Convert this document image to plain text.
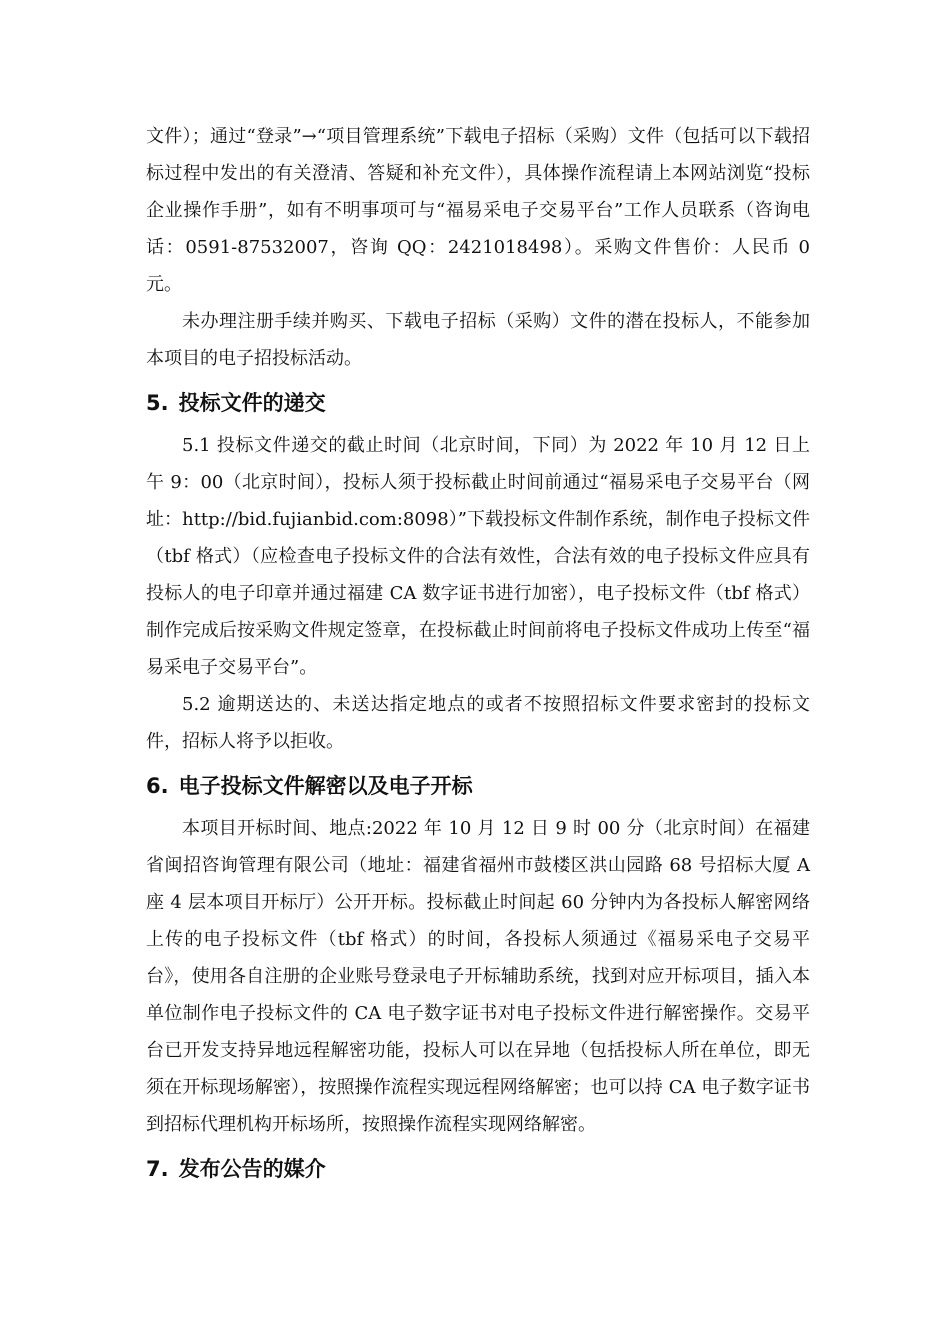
文件）；通过“登录”→“项目管理系统”下载电子招标（采购）文件（包括可以下载招标过程中发出的有关澄清、答疑和补充文件），具体操作流程请上本网站浏览“投标企业操作手册”，如有不明事项可与“福易采电子交易平台”工作人员联系（咨询电话：0591-87532007，咨询 QQ：2421018498）。采购文件售价：人民币 0 元。

未办理注册手续并购买、下载电子招标（采购）文件的潜在投标人，不能参加本项目的电子招投标活动。

5. 投标文件的递交

5.1 投标文件递交的截止时间（北京时间，下同）为 2022 年 10 月 12 日上午 9：00（北京时间），投标人须于投标截止时间前通过“福易采电子交易平台（网址：http://bid.fujianbid.com:8098）”下载投标文件制作系统，制作电子投标文件（tbf 格式）（应检查电子投标文件的合法有效性，合法有效的电子投标文件应具有投标人的电子印章并通过福建 CA 数字证书进行加密），电子投标文件（tbf 格式）制作完成后按采购文件规定签章，在投标截止时间前将电子投标文件成功上传至“福易采电子交易平台”。

5.2 逾期送达的、未送达指定地点的或者不按照招标文件要求密封的投标文件，招标人将予以拒收。

6. 电子投标文件解密以及电子开标

本项目开标时间、地点:2022 年 10 月 12 日 9 时 00 分（北京时间）在福建省闽招咨询管理有限公司（地址：福建省福州市鼓楼区洪山园路 68 号招标大厦 A 座 4 层本项目开标厅）公开开标。投标截止时间起 60 分钟内为各投标人解密网络上传的电子投标文件（tbf 格式）的时间，各投标人须通过《福易采电子交易平台》，使用各自注册的企业账号登录电子开标辅助系统，找到对应开标项目，插入本单位制作电子投标文件的 CA 电子数字证书对电子投标文件进行解密操作。交易平台已开发支持异地远程解密功能，投标人可以在异地（包括投标人所在单位，即无须在开标现场解密），按照操作流程实现远程网络解密；也可以持 CA 电子数字证书到招标代理机构开标场所，按照操作流程实现网络解密。

7. 发布公告的媒介
